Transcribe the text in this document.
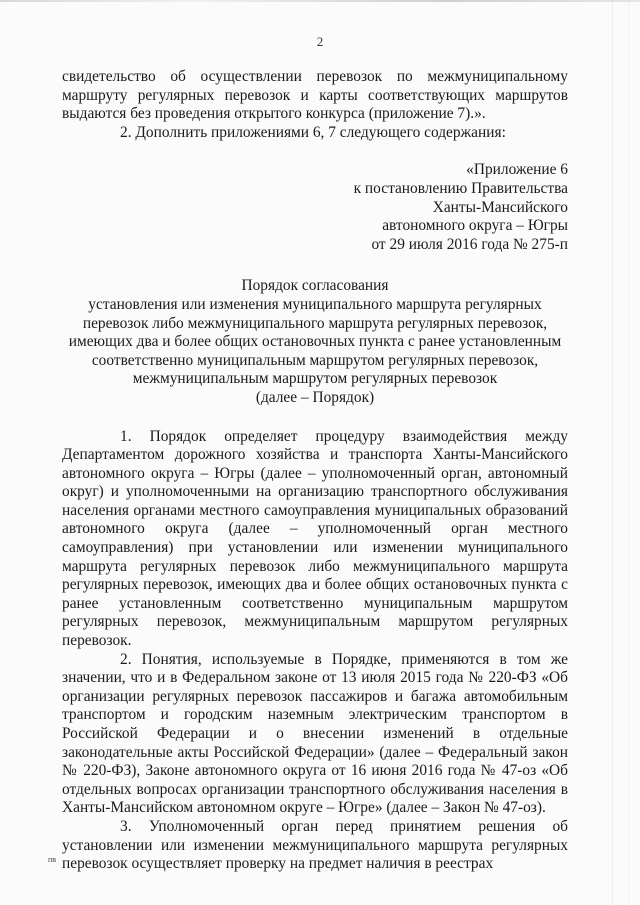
2

свидетельство об осуществлении перевозок по межмуниципальному маршруту регулярных перевозок и карты соответствующих маршрутов выдаются без проведения открытого конкурса (приложение 7).».

2. Дополнить приложениями 6, 7 следующего содержания:

«Приложение 6
к постановлению Правительства
Ханты-Мансийского
автономного округа – Югры
от 29 июля 2016 года № 275-п
Порядок согласования
установления или изменения муниципального маршрута регулярных
перевозок либо межмуниципального маршрута регулярных перевозок,
имеющих два и более общих остановочных пункта с ранее установленным
соответственно муниципальным маршрутом регулярных перевозок,
межмуниципальным маршрутом регулярных перевозок
(далее – Порядок)

1. Порядок определяет процедуру взаимодействия между Департаментом дорожного хозяйства и транспорта Ханты-Мансийского автономного округа – Югры (далее – уполномоченный орган, автономный округ) и уполномоченными на организацию транспортного обслуживания населения органами местного самоуправления муниципальных образований автономного округа (далее – уполномоченный орган местного самоуправления) при установлении или изменении муниципального маршрута регулярных перевозок либо межмуниципального маршрута регулярных перевозок, имеющих два и более общих остановочных пункта с ранее установленным соответственно муниципальным маршрутом регулярных перевозок, межмуниципальным маршрутом регулярных перевозок.

2. Понятия, используемые в Порядке, применяются в том же значении, что и в Федеральном законе от 13 июля 2015 года № 220-ФЗ «Об организации регулярных перевозок пассажиров и багажа автомобильным транспортом и городским наземным электрическим транспортом в Российской Федерации и о внесении изменений в отдельные законодательные акты Российской Федерации» (далее – Федеральный закон № 220-ФЗ), Законе автономного округа от 16 июня 2016 года № 47-оз «Об отдельных вопросах организации транспортного обслуживания населения в Ханты-Мансийском автономном округе – Югре» (далее – Закон № 47-оз).

3. Уполномоченный орган перед принятием решения об установлении или изменении межмуниципального маршрута регулярных перевозок осуществляет проверку на предмет наличия в реестрах

пв
